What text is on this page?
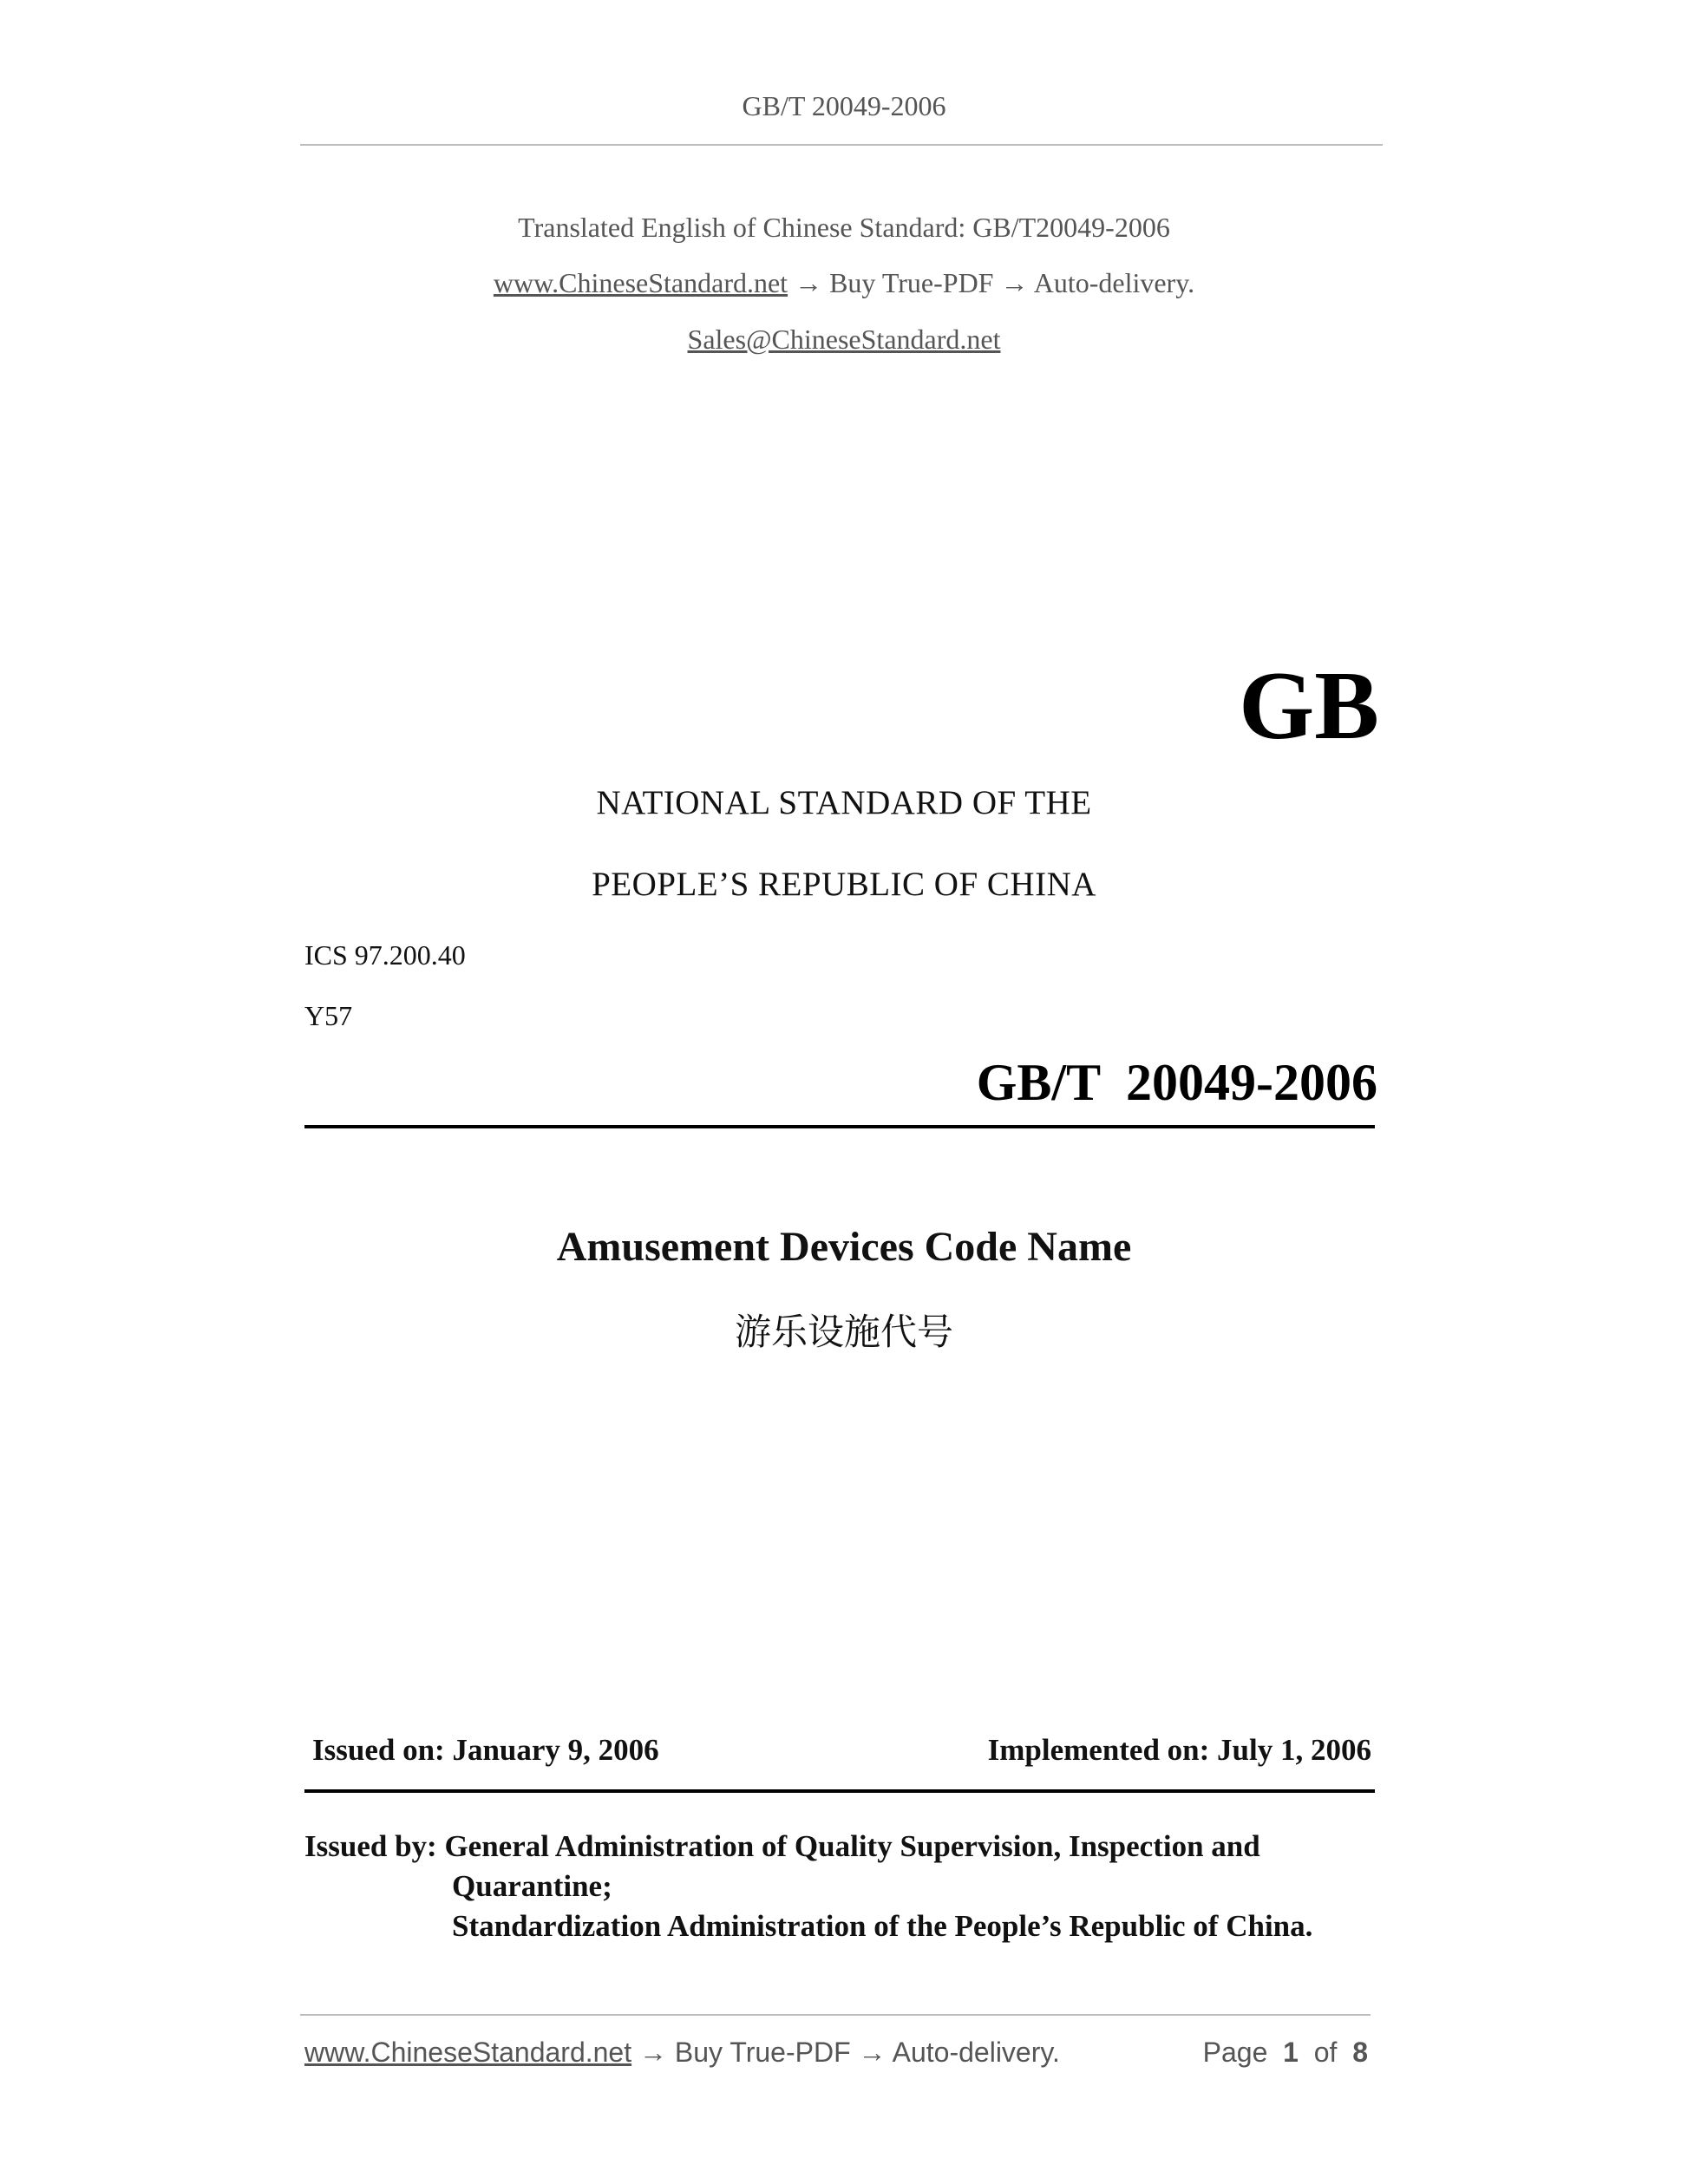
GB/T 20049-2006
Translated English of Chinese Standard: GB/T20049-2006
www.ChineseStandard.net → Buy True-PDF → Auto-delivery.
Sales@ChineseStandard.net
GB
NATIONAL STANDARD OF THE
PEOPLE’S REPUBLIC OF CHINA
ICS 97.200.40
Y57
GB/T  20049-2006
Amusement Devices Code Name
游乐设施代号
Issued on: January 9, 2006	Implemented on: July 1, 2006
Issued by: General Administration of Quality Supervision, Inspection and
Quarantine;
Standardization Administration of the People’s Republic of China.
www.ChineseStandard.net → Buy True-PDF → Auto-delivery.	Page 1 of 8
